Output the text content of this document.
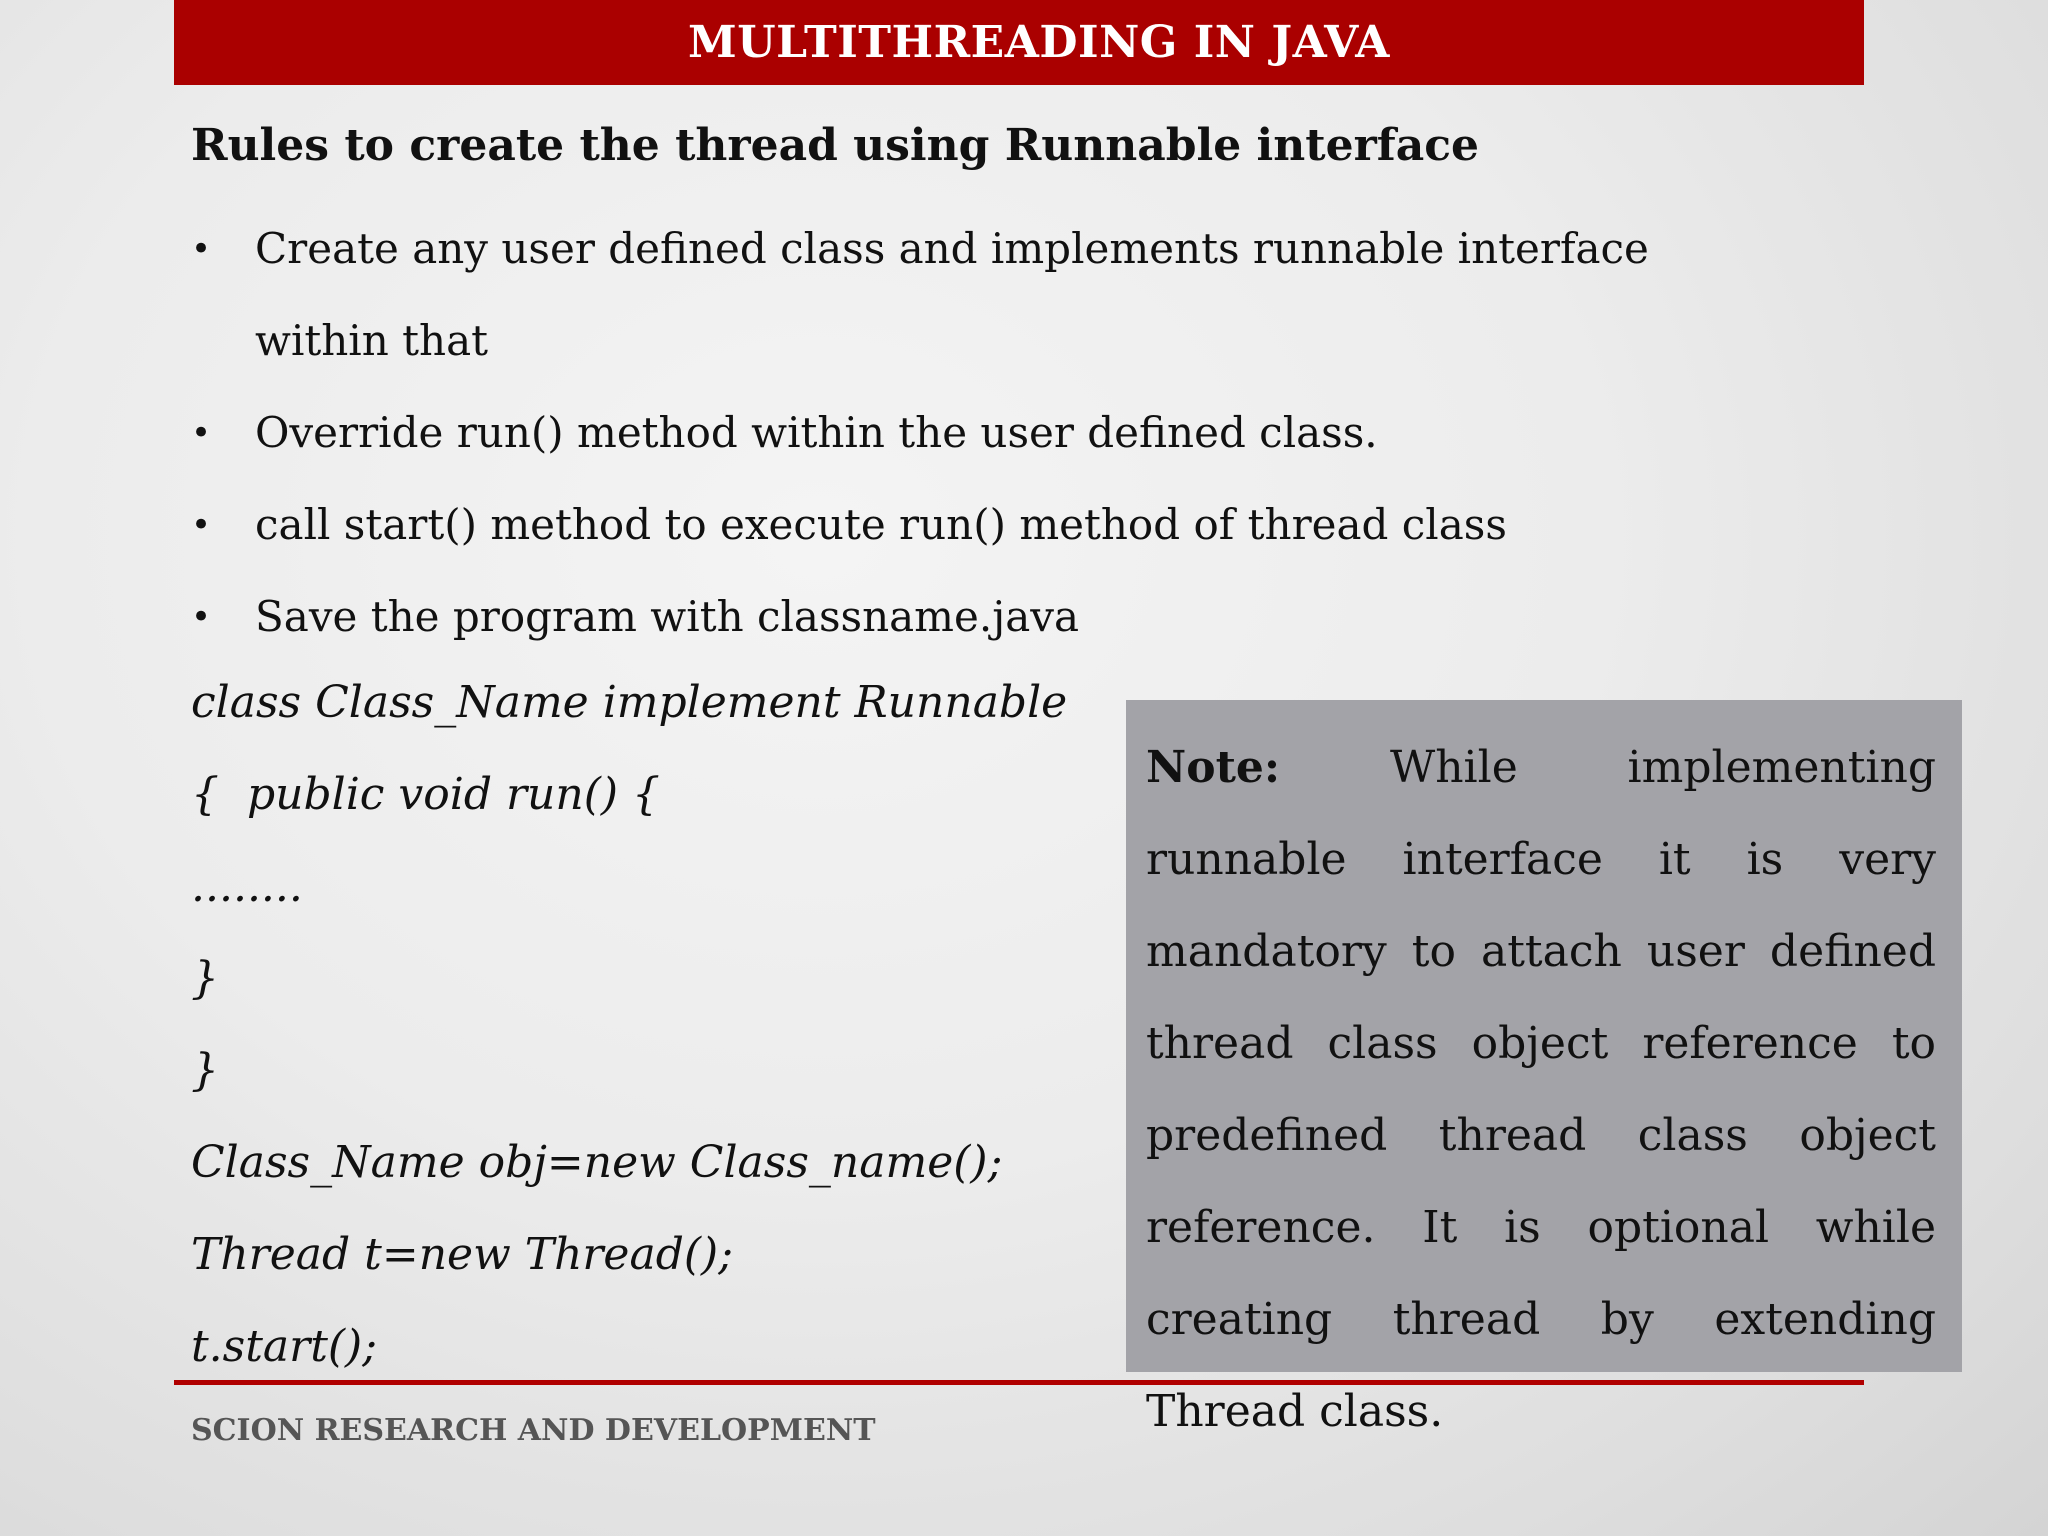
MULTITHREADING IN JAVA
Rules to create the thread using Runnable interface
• Create any user defined class and implements runnable interface within that
• Override run() method within the user defined class.
• call start() method to execute run() method of thread class
• Save the program with classname.java
class Class_Name implement Runnable
{  public void run() {
........
}
}
Class_Name obj=new Class_name();
Thread t=new Thread();
t.start();
Note: While implementing runnable interface it is very mandatory to attach user defined thread class object reference to predefined thread class object reference. It is optional while creating thread by extending Thread class.
SCION RESEARCH AND DEVELOPMENT
